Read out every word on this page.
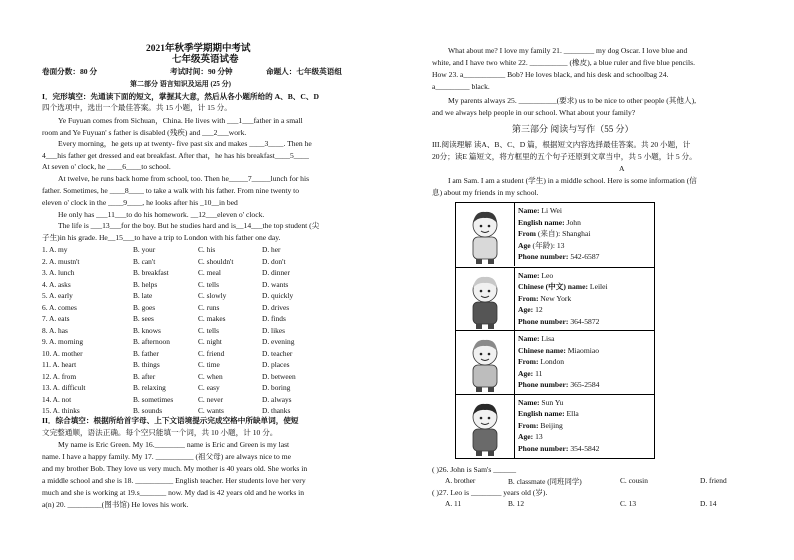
2021年秋季学期期中考试
七年级英语试卷
卷面分数：80 分	考试时间：90 分钟	命题人：七年级英语组
第二部分 语言知识及运用 (25 分)
I．完形填空：先通读下面的短文，掌握其大意，然后从各小题所给的 A、B、C、D
四个选项中，选出一个最佳答案。共 15 小题，计 15 分。
Ye Fuyuan comes from Sichuan，China. He lives with ___1___father in a small
room and Ye Fuyuan' s father is disabled (残疾) and ___2___work.
Every morning，he gets up at twenty- five past six and makes ____3____. Then he
4___his father get dressed and eat breakfast. After that，he has his breakfast____5____
At seven o' clock, he ____6____to school.
At twelve, he runs back home from school, too. Then he_____7_____lunch for his
father. Sometimes, he ____8____ to take a walk with his father. From nine twenty to
eleven o' clock in the ____9____, he looks after his _10__in bed
He only has ___11___to do his homework. __12___eleven o' clock.
The life is ___13___for the boy. But he studies hard and is__14___the top student (尖
子生)in his grade. He__15___to have a trip to London with his father one day.
1. A. my	B. your	C. his	D. her
2. A. mustn't	B. can't	C. shouldn't	D. don't
3. A. lunch	B. breakfast	C. meal	D. dinner
4. A. asks	B. helps	C. tells	D. wants
5. A. early	B. late	C. slowly	D. quickly
6. A. comes	B. goes	C. runs	D. drives
7. A. eats	B. sees	C. makes	D. finds
8. A. has	B. knows	C. tells	D. likes
9. A. morning	B. afternoon	C. night	D. evening
10. A. mother	B. father	C. friend	D. teacher
11. A. heart	B. things	C. time	D. places
12. A. from	B. after	C. when	D. between
13. A. difficult	B. relaxing	C. easy	D. boring
14. A. not	B. sometimes	C. never	D. always
15. A. thinks	B. sounds	C. wants	D. thanks
II．综合填空：根据所给首字母、上下文语境提示完成空格中所缺单词，使短
文完整通顺，语法正确。每个空只能填一个词，共 10 小题，计 10 分。
My name is Eric Green. My 16.________ name is Eric and Green is my last
name. I have a happy family. My 17. __________ (祖父母) are always nice to me
and my brother Bob. They love us very much. My mother is 40 years old. She works in
a middle school and she is 18. __________ English teacher. Her students love her very
much and she is working at 19.s_______ now. My dad is 42 years old and he works in
a(n) 20. _________(图书馆) He loves his work.
What about me? I love my family 21. ________ my dog Oscar. I love blue and
white, and I have two white 22. __________ (橡皮), a blue ruler and five blue pencils.
How 23. a___________ Bob? He loves black, and his desk and schoolbag 24.
a_________ black.
My parents always 25. __________(要求) us to be nice to other people (其他人),
and we always help people in our school. What about your family?
第三部分 阅读与写作（55 分）
III.阅读理解 读A、B、C、D 篇，根据短文内容选择最佳答案。共 20 小题，计
20分；读E 篇短文，将方框里的五个句子还原到文章当中，共 5 小题，计 5 分。
A
I am Sam. I am a student (学生) in a middle school. Here is some information (信
息) about my friends in my school.
Name: Li Wei
English name: John
From (来自): Shanghai
Age (年龄): 13
Phone number: 542-6587
Name: Leo
Chinese (中文) name: Leilei
From: New York
Age: 12
Phone number: 364-5872
Name: Lisa
Chinese name: Miaomiao
From: London
Age: 11
Phone number: 365-2584
Name: Sun Yu
English name: Ella
From: Beijing
Age: 13
Phone number: 354-5842
( )26. John is Sam's ______
A. brother	B. classmate (同班同学)	C. cousin	D. friend
( )27. Leo is ________ years old (岁).
A. 11	B. 12	C. 13	D. 14
